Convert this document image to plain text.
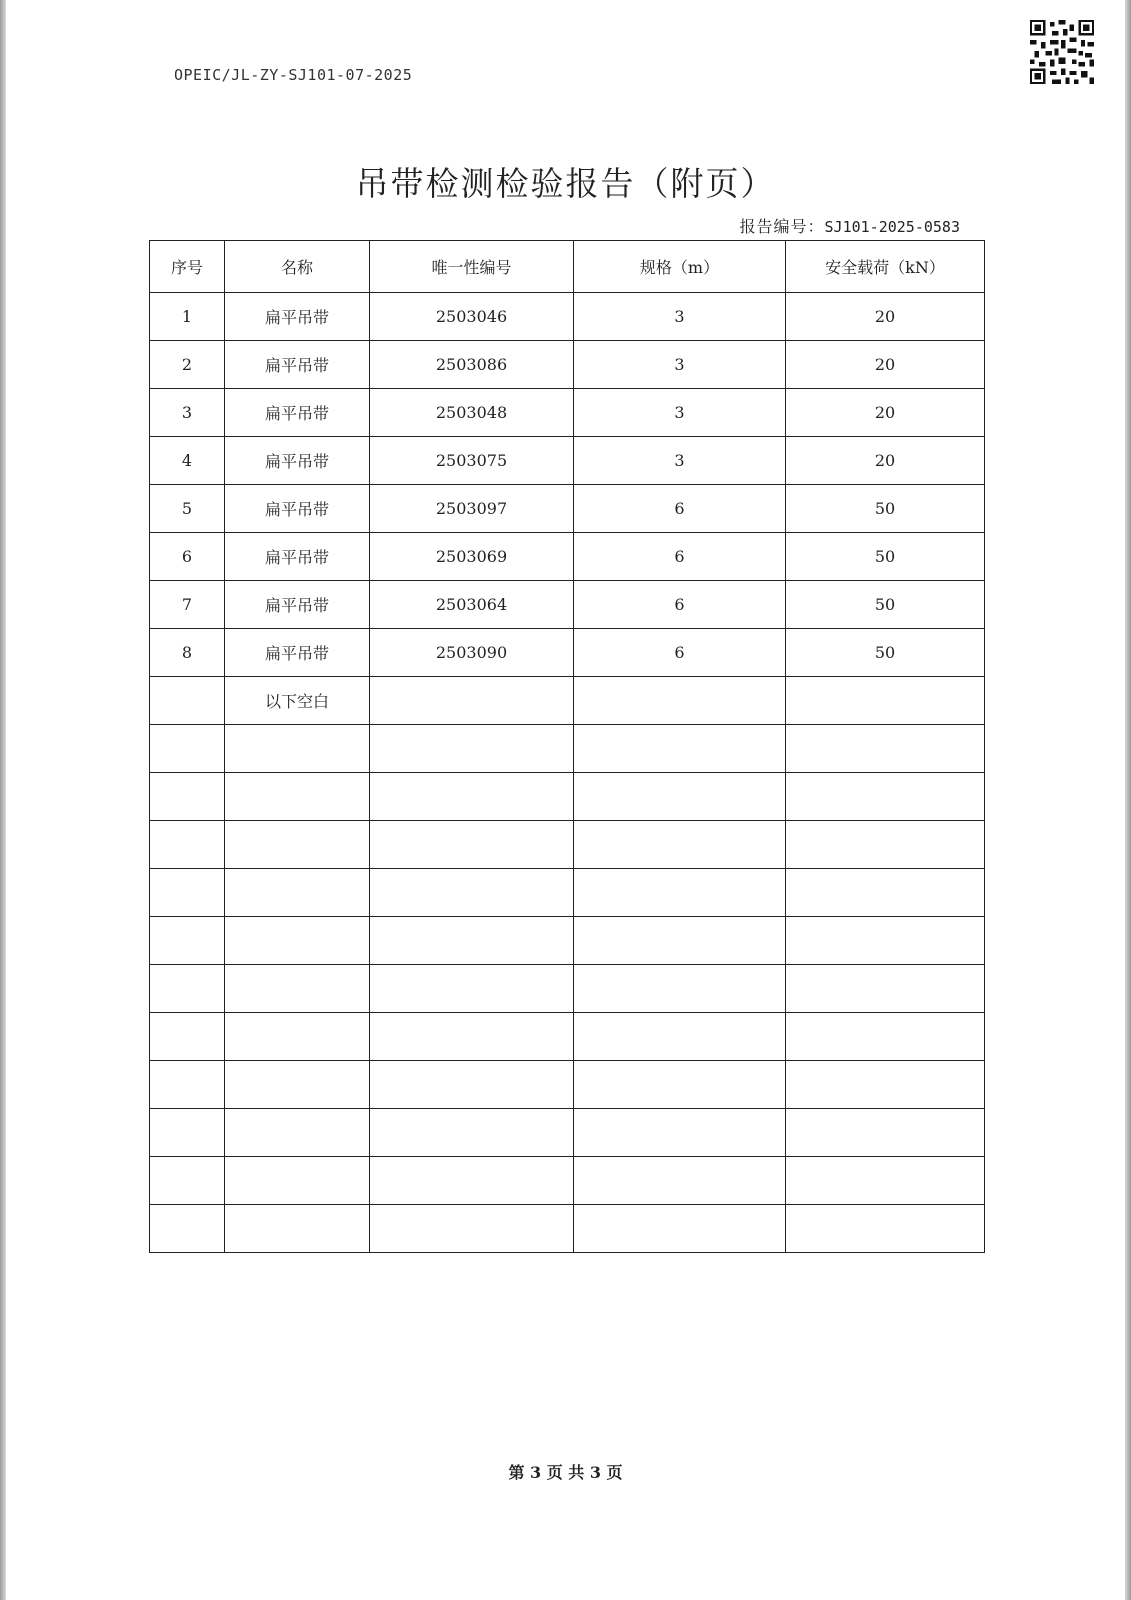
OPEIC/JL-ZY-SJ101-07-2025
吊带检测检验报告（附页）
报告编号：SJ101-2025-0583
序号	名称	唯一性编号	规格（m）	安全载荷（kN）
1	扁平吊带	2503046	3	20
2	扁平吊带	2503086	3	20
3	扁平吊带	2503048	3	20
4	扁平吊带	2503075	3	20
5	扁平吊带	2503097	6	50
6	扁平吊带	2503069	6	50
7	扁平吊带	2503064	6	50
8	扁平吊带	2503090	6	50
	以下空白			

第 3 页 共 3 页
